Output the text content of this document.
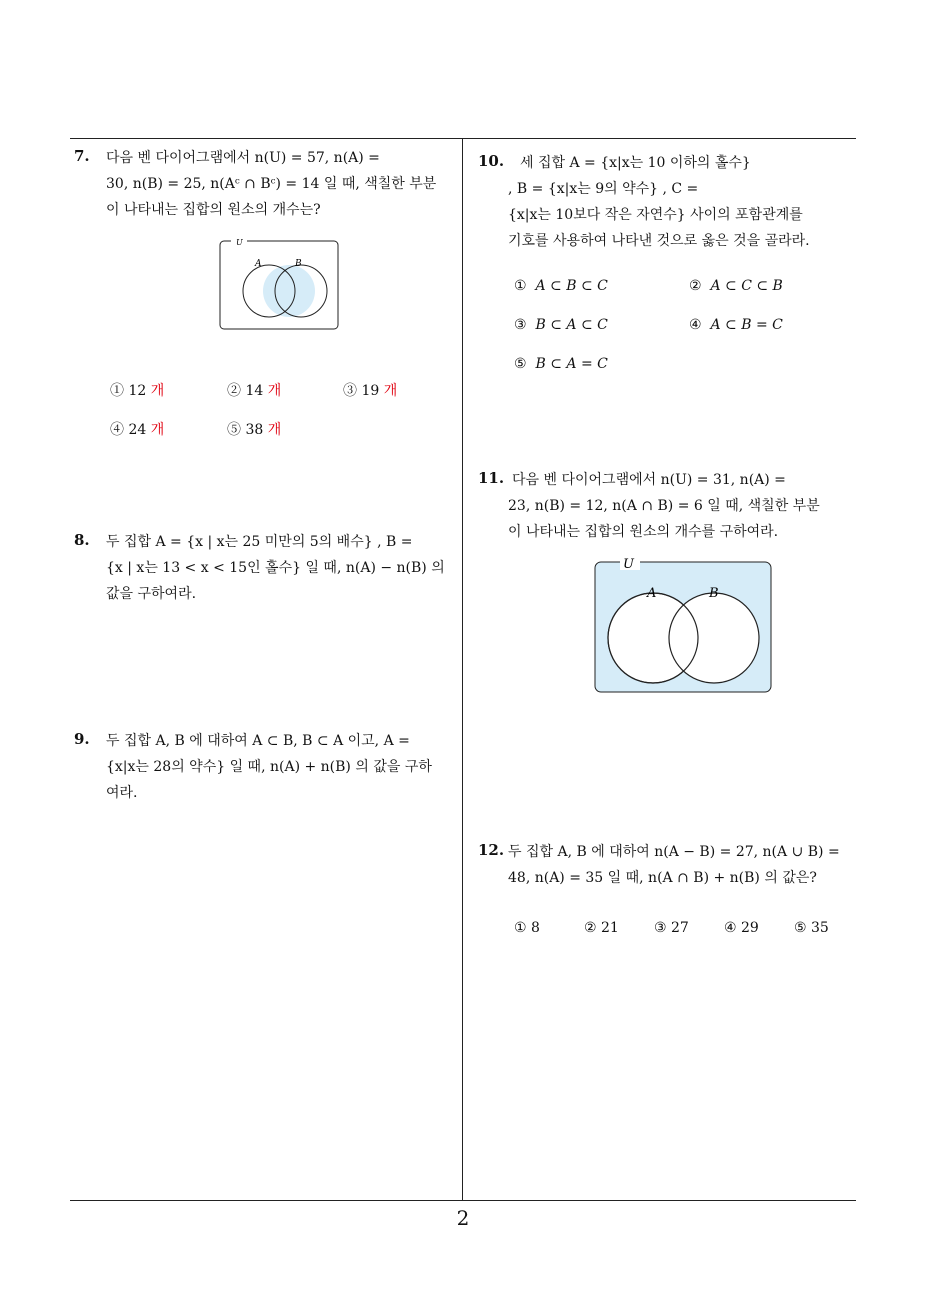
7. 다음 벤 다이어그램에서 n(U) = 57, n(A) =
30, n(B) = 25, n(Aᶜ ∩ Bᶜ) = 14 일 때, 색칠한 부분
이 나타내는 집합의 원소의 개수는?
U
A	B
① 12 개	② 14 개	③ 19 개
④ 24 개	⑤ 38 개
8. 두 집합 A = {x | x는 25 미만의 5의 배수} , B =
{x | x는 13 < x < 15인 홀수} 일 때, n(A) − n(B) 의
값을 구하여라.
9. 두 집합 A, B 에 대하여 A ⊂ B, B ⊂ A 이고, A =
{x|x는 28의 약수} 일 때, n(A) + n(B) 의 값을 구하
여라.
10. 세 집합 A = {x|x는 10 이하의 홀수}
, B = {x|x는 9의 약수} , C =
{x|x는 10보다 작은 자연수} 사이의 포함관계를
기호를 사용하여 나타낸 것으로 옳은 것을 골라라.
① A ⊂ B ⊂ C	② A ⊂ C ⊂ B
③ B ⊂ A ⊂ C	④ A ⊂ B = C
⑤ B ⊂ A = C
11. 다음 벤 다이어그램에서 n(U) = 31, n(A) =
23, n(B) = 12, n(A ∩ B) = 6 일 때, 색칠한 부분
이 나타내는 집합의 원소의 개수를 구하여라.
U
A	B
12. 두 집합 A, B 에 대하여 n(A − B) = 27, n(A ∪ B) =
48, n(A) = 35 일 때, n(A ∩ B) + n(B) 의 값은?
① 8	② 21	③ 27	④ 29	⑤ 35
2
